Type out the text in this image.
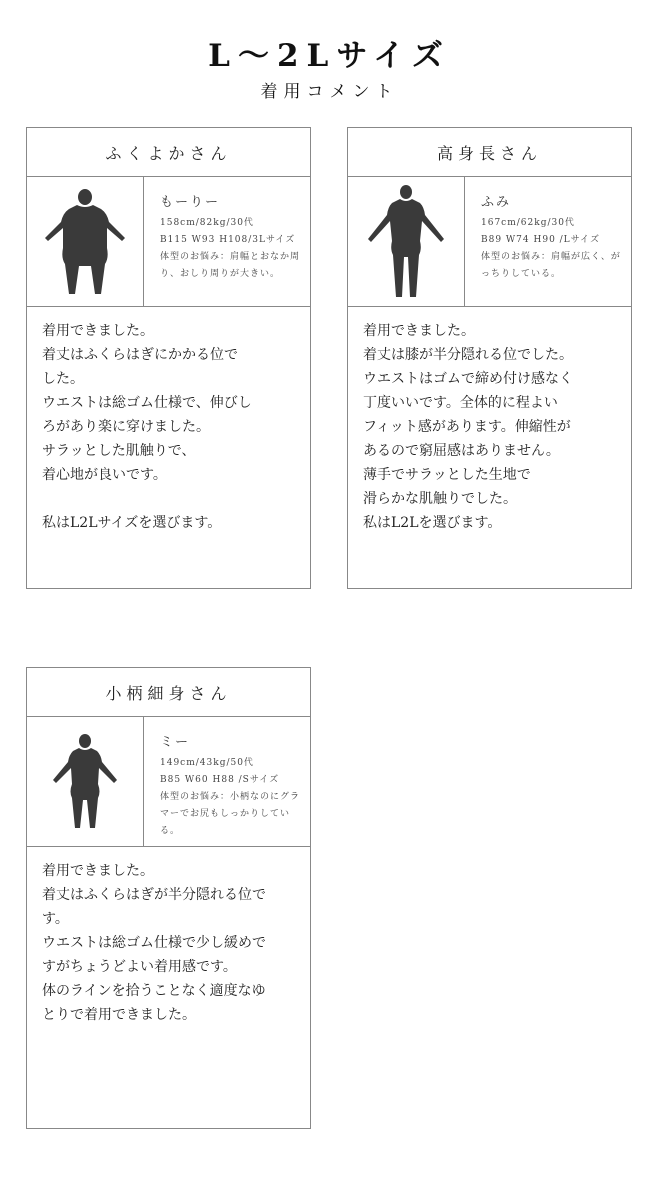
L～2Lサイズ
着用コメント
ふくよかさん
もーりー
158cm/82kg/30代
B115 W93 H108/3Lサイズ
体型のお悩み：肩幅とおなか周り、おしり周りが大きい。
着用できました。
着丈はふくらはぎにかかる位で
した。
ウエストは総ゴム仕様で、伸びし
ろがあり楽に穿けました。
サラッとした肌触りで、
着心地が良いです。
私はL2Lサイズを選びます。
高身長さん
ふみ
167cm/62kg/30代
B89 W74 H90 /Lサイズ
体型のお悩み：肩幅が広く、がっちりしている。
着用できました。
着丈は膝が半分隠れる位でした。
ウエストはゴムで締め付け感なく
丁度いいです。全体的に程よい
フィット感があります。伸縮性が
あるので窮屈感はありません。
薄手でサラッとした生地で
滑らかな肌触りでした。
私はL2Lを選びます。
小柄細身さん
ミー
149cm/43kg/50代
B85 W60 H88 /Sサイズ
体型のお悩み：小柄なのにグラマーでお尻もしっかりしている。
着用できました。
着丈はふくらはぎが半分隠れる位で
す。
ウエストは総ゴム仕様で少し緩めで
すがちょうどよい着用感です。
体のラインを拾うことなく適度なゆ
とりで着用できました。
